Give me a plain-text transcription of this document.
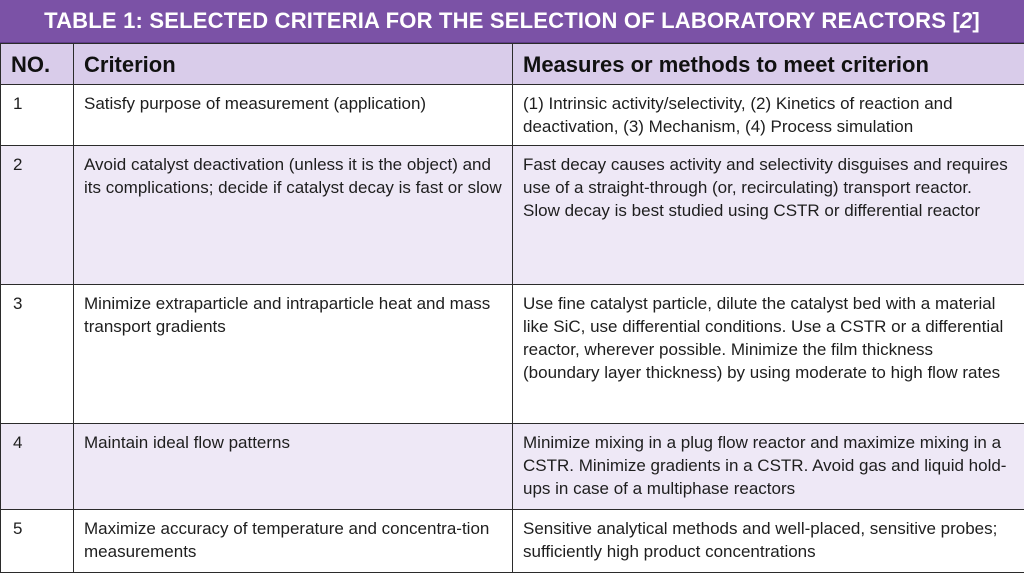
TABLE 1: SELECTED CRITERIA FOR THE SELECTION OF LABORATORY REACTORS [ 2 ]
NO.	Criterion	Measures or methods to meet criterion
1	Satisfy purpose of measurement (application)	(1) Intrinsic activity/selectivity, (2) Kinetics of reaction and deactivation, (3) Mechanism, (4) Process simulation

2	Avoid catalyst deactivation (unless it is the object) and its complications; decide if catalyst decay is fast or slow	Fast decay causes activity and selectivity disguises and requires use of a straight-through (or, recirculating) transport reactor.
Slow decay is best studied using CSTR or differential reactor

3	Minimize extraparticle and intraparticle heat and mass transport gradients	Use fine catalyst particle, dilute the catalyst bed with a material like SiC, use differential conditions. Use a CSTR or a differential reactor, wherever possible. Minimize the film thickness (boundary layer thickness) by using moderate to high flow rates

4	Maintain ideal flow patterns	Minimize mixing in a plug flow reactor and maximize mixing in a CSTR. Minimize gradients in a CSTR. Avoid gas and liquid hold-ups in case of a multiphase reactors

5	Maximize accuracy of temperature and concentra-tion measurements	Sensitive analytical methods and well-placed, sensitive probes; sufficiently high product concentrations
